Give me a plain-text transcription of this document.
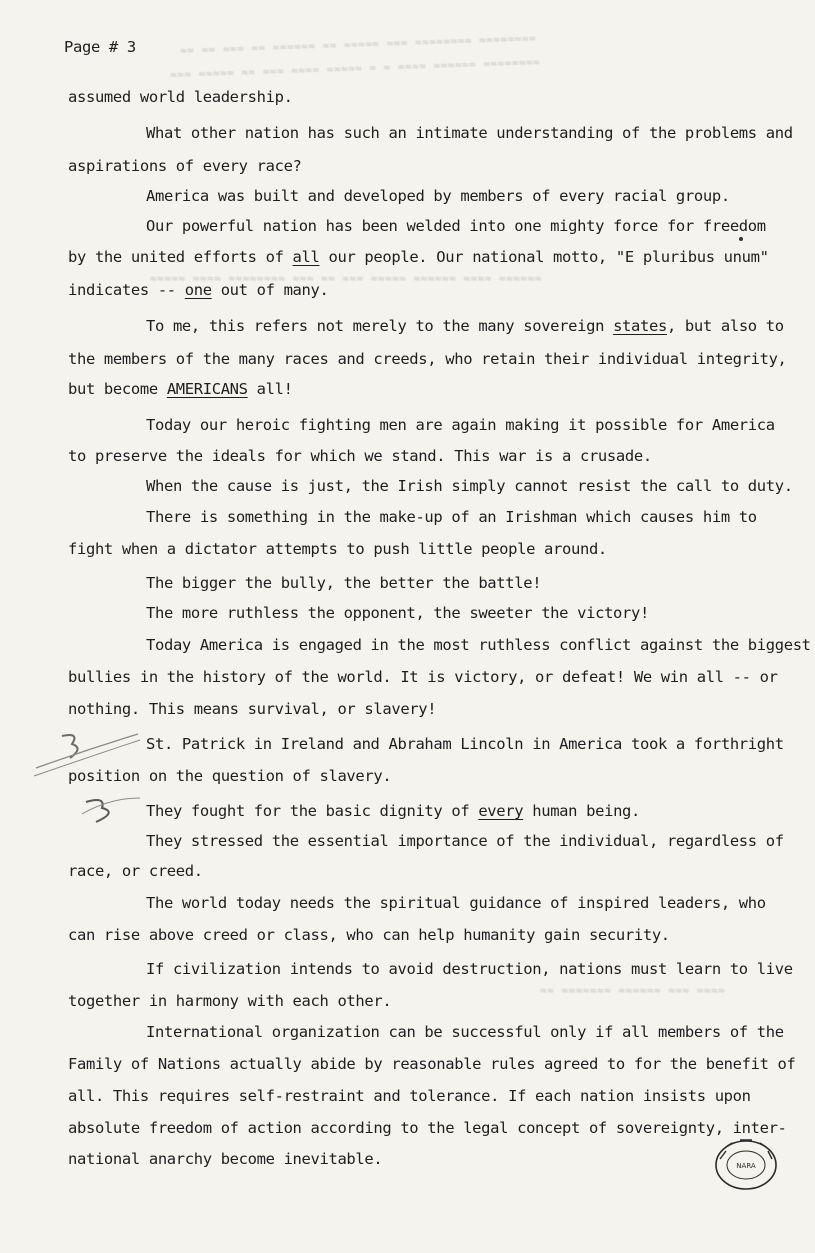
≈≈ ≈≈ ≈≈≈ ≈≈ ≈≈≈≈≈≈ ≈≈ ≈≈≈≈≈ ≈≈≈ ≈≈≈≈≈≈≈≈ ≈≈≈≈≈≈≈≈
≈≈≈ ≈≈≈≈≈ ≈≈ ≈≈≈ ≈≈≈≈ ≈≈≈≈≈ ≈ ≈ ≈≈≈≈ ≈≈≈≈≈≈ ≈≈≈≈≈≈≈≈
≈≈≈≈≈ ≈≈≈≈ ≈≈≈≈≈≈≈≈ ≈≈≈ ≈≈ ≈≈≈ ≈≈≈≈≈ ≈≈≈≈≈≈ ≈≈≈≈ ≈≈≈≈≈≈
≈≈ ≈≈≈≈≈≈≈ ≈≈≈≈≈≈ ≈≈≈ ≈≈≈≈
Page # 3
assumed world leadership.
What other nation has such an intimate understanding of the problems and
aspirations of every race?
America was built and developed by members of every racial group.
Our powerful nation has been welded into one mighty force for freedom
by the united efforts of all our people. Our national motto, "E pluribus unum"
indicates -- one out of many.
To me, this refers not merely to the many sovereign states, but also to
the members of the many races and creeds, who retain their individual integrity,
but become AMERICANS all!
Today our heroic fighting men are again making it possible for America
to preserve the ideals for which we stand. This war is a crusade.
When the cause is just, the Irish simply cannot resist the call to duty.
There is something in the make-up of an Irishman which causes him to
fight when a dictator attempts to push little people around.
The bigger the bully, the better the battle!
The more ruthless the opponent, the sweeter the victory!
Today America is engaged in the most ruthless conflict against the biggest
bullies in the history of the world. It is victory, or defeat! We win all -- or
nothing. This means survival, or slavery!
St. Patrick in Ireland and Abraham Lincoln in America took a forthright
position on the question of slavery.
They fought for the basic dignity of every human being.
They stressed the essential importance of the individual, regardless of
race, or creed.
The world today needs the spiritual guidance of inspired leaders, who
can rise above creed or class, who can help humanity gain security.
If civilization intends to avoid destruction, nations must learn to live
together in harmony with each other.
International organization can be successful only if all members of the
Family of Nations actually abide by reasonable rules agreed to for the benefit of
all. This requires self-restraint and tolerance. If each nation insists upon
absolute freedom of action according to the legal concept of sovereignty, inter-
national anarchy become inevitable.	NARA
